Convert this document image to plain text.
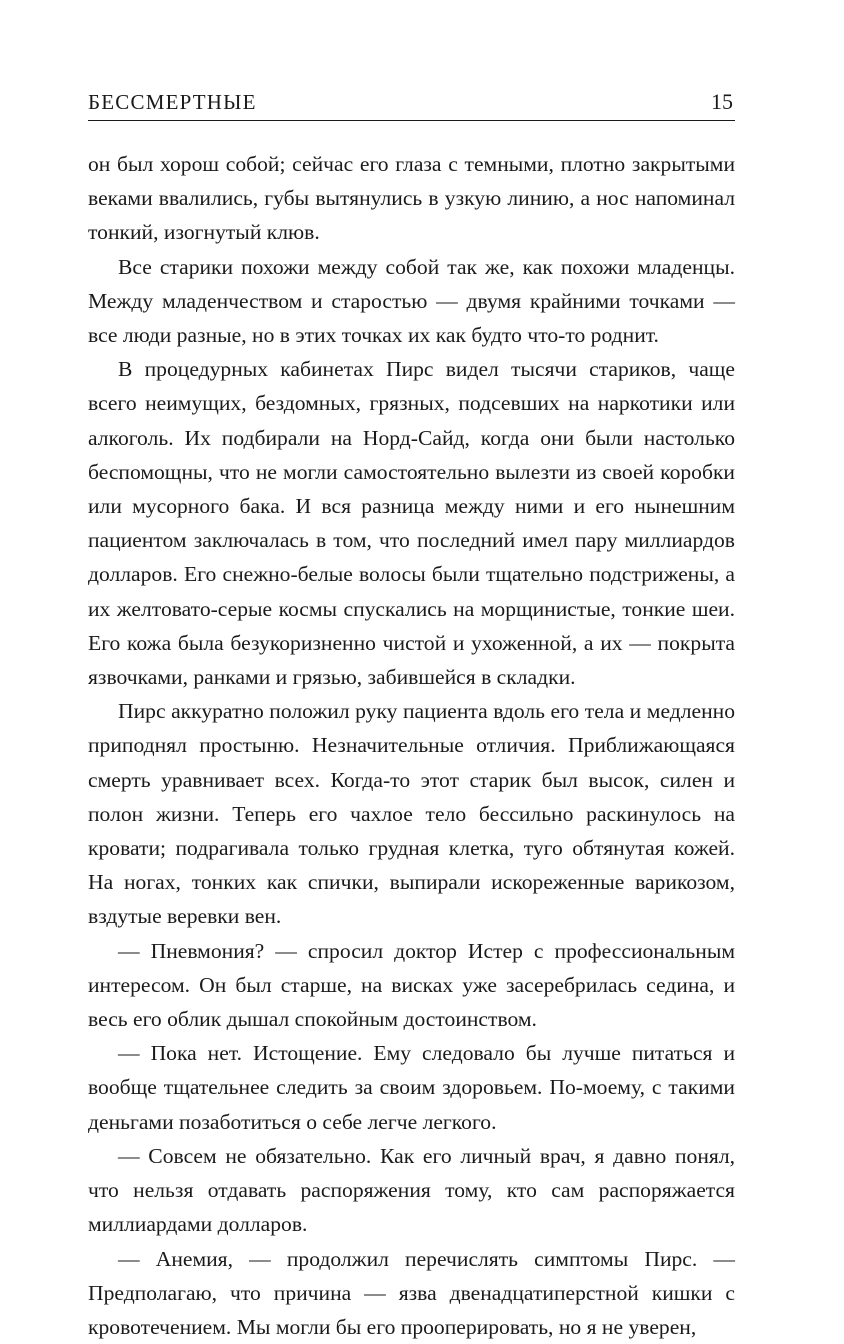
БЕССМЕРТНЫЕ	15

он был хорош собой; сейчас его глаза с темными, плотно закрытыми веками ввалились, губы вытянулись в узкую линию, а нос напоминал тонкий, изогнутый клюв.

Все старики похожи между собой так же, как похожи младенцы. Между младенчеством и старостью — двумя крайними точками — все люди разные, но в этих точках их как будто что-то роднит.

В процедурных кабинетах Пирс видел тысячи стариков, чаще всего неимущих, бездомных, грязных, подсевших на наркотики или алкоголь. Их подбирали на Норд-Сайд, когда они были настолько беспомощны, что не могли самостоятельно вылезти из своей коробки или мусорного бака. И вся разница между ними и его нынешним пациентом заключалась в том, что последний имел пару миллиардов долларов. Его снежно-белые волосы были тщательно подстрижены, а их желтовато-серые космы спускались на морщинистые, тонкие шеи. Его кожа была безукоризненно чистой и ухоженной, а их — покрыта язвочками, ранками и грязью, забившейся в складки.

Пирс аккуратно положил руку пациента вдоль его тела и медленно приподнял простыню. Незначительные отличия. Приближающаяся смерть уравнивает всех. Когда-то этот старик был высок, силен и полон жизни. Теперь его чахлое тело бессильно раскинулось на кровати; подрагивала только грудная клетка, туго обтянутая кожей. На ногах, тонких как спички, выпирали искореженные варикозом, вздутые веревки вен.

— Пневмония? — спросил доктор Истер с профессиональным интересом. Он был старше, на висках уже засеребрилась седина, и весь его облик дышал спокойным достоинством.

— Пока нет. Истощение. Ему следовало бы лучше питаться и вообще тщательнее следить за своим здоровьем. По-моему, с такими деньгами позаботиться о себе легче легкого.

— Совсем не обязательно. Как его личный врач, я давно понял, что нельзя отдавать распоряжения тому, кто сам распоряжается миллиардами долларов.

— Анемия, — продолжил перечислять симптомы Пирс. — Предполагаю, что причина — язва двенадцатиперстной кишки с кровотечением. Мы могли бы его прооперировать, но я не уверен,
